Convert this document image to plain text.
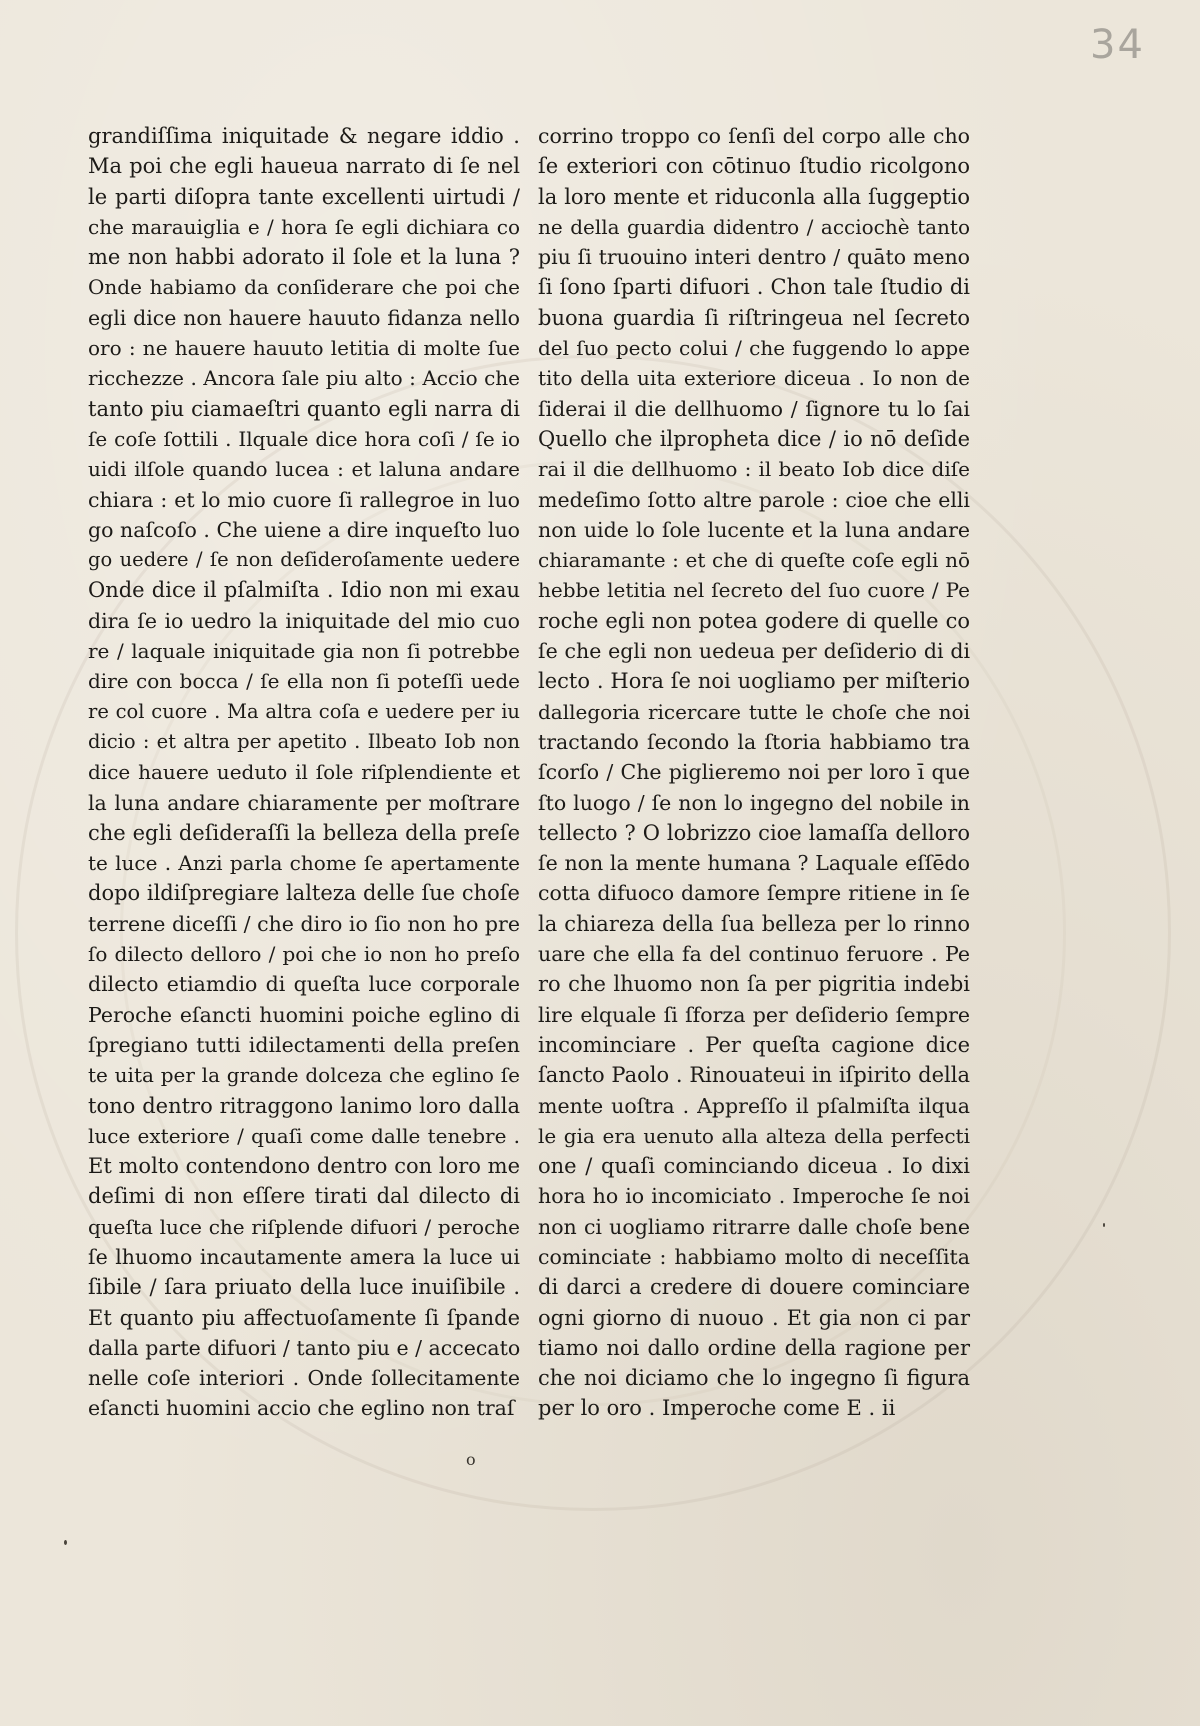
34
grandiſſima iniquitade & negare iddio .
Ma poi che egli haueua narrato di ſe nel
le parti diſopra tante excellenti uirtudi /
che marauiglia e / hora ſe egli dichiara co
me non habbi adorato il ſole et la luna ?
Onde habiamo da conſiderare che poi che
egli dice non hauere hauuto fidanza nello
oro : ne hauere hauuto letitia di molte ſue
ricchezze . Ancora ſale piu alto : Accio che
tanto piu ciamaeſtri quanto egli narra di
ſe coſe ſottili . Ilquale dice hora coſi / ſe io
uidi ilſole quando lucea : et laluna andare
chiara : et lo mio cuore ſi rallegroe in luo
go naſcoſo . Che uiene a dire inqueſto luo
go uedere / ſe non deſideroſamente uedere
Onde dice il pſalmiſta . Idio non mi exau
dira ſe io uedro la iniquitade del mio cuo
re / laquale iniquitade gia non ſi potrebbe
dire con bocca / ſe ella non ſi poteſſi uede
re col cuore . Ma altra coſa e uedere per iu
dicio : et altra per apetito . Ilbeato Iob non
dice hauere ueduto il ſole riſplendiente et
la luna andare chiaramente per moſtrare
che egli deſideraſſi la belleza della preſe
te luce . Anzi parla chome ſe apertamente
dopo ildiſpregiare lalteza delle ſue choſe
terrene diceſſi / che diro io ſio non ho pre
ſo dilecto delloro / poi che io non ho preſo
dilecto etiamdio di queſta luce corporale
Peroche eſancti huomini poiche eglino di
ſpregiano tutti idilectamenti della preſen
te uita per la grande dolceza che eglino ſe
tono dentro ritraggono lanimo loro dalla
luce exteriore / quaſi come dalle tenebre .
Et molto contendono dentro con loro me
deſimi di non eſſere tirati dal dilecto di
queſta luce che riſplende difuori / peroche
ſe lhuomo incautamente amera la luce ui
ſibile / ſara priuato della luce inuiſibile .
Et quanto piu affectuoſamente ſi ſpande
dalla parte difuori / tanto piu e / accecato
nelle coſe interiori . Onde ſollecitamente
eſancti huomini accio che eglino non traſ
corrino troppo co ſenſi del corpo alle cho
ſe exteriori con cōtinuo ſtudio ricolgono
la loro mente et riduconla alla ſuggeptio
ne della guardia didentro / acciochè tanto
piu ſi truouino interi dentro / quāto meno
ſi ſono ſparti difuori . Chon tale ſtudio di
buona guardia ſi riſtringeua nel ſecreto
del ſuo pecto colui / che fuggendo lo appe
tito della uita exteriore diceua . Io non de
ſiderai il die dellhuomo / ſignore tu lo ſai
Quello che ilpropheta dice / io nō deſide
rai il die dellhuomo : il beato Iob dice diſe
medeſimo ſotto altre parole : cioe che elli
non uide lo ſole lucente et la luna andare
chiaramante : et che di queſte coſe egli nō
hebbe letitia nel ſecreto del ſuo cuore / Pe
roche egli non potea godere di quelle co
ſe che egli non uedeua per deſiderio di di
lecto . Hora ſe noi uogliamo per miſterio
dallegoria ricercare tutte le choſe che noi
tractando ſecondo la ſtoria habbiamo tra
ſcorſo / Che piglieremo noi per loro ī que
ſto luogo / ſe non lo ingegno del nobile in
tellecto ? O lobrizzo cioe lamaſſa delloro
ſe non la mente humana ? Laquale eſſēdo
cotta difuoco damore ſempre ritiene in ſe
la chiareza della ſua belleza per lo rinno
uare che ella fa del continuo feruore . Pe
ro che lhuomo non ſa per pigritia indebi
lire elquale ſi ſforza per deſiderio ſempre
incominciare . Per queſta cagione dice
ſancto Paolo . Rinouateui in iſpirito della
mente uoſtra . Appreſſo il pſalmiſta ilqua
le gia era uenuto alla alteza della perfecti
one / quaſi cominciando diceua . Io dixi
hora ho io incomiciato . Imperoche ſe noi
non ci uogliamo ritrarre dalle choſe bene
cominciate : habbiamo molto di neceſſita
di darci a credere di douere cominciare
ogni giorno di nuouo . Et gia non ci par
tiamo noi dallo ordine della ragione per
che noi diciamo che lo ingegno ſi figura
per lo oro . Imperoche come E . ii
o
